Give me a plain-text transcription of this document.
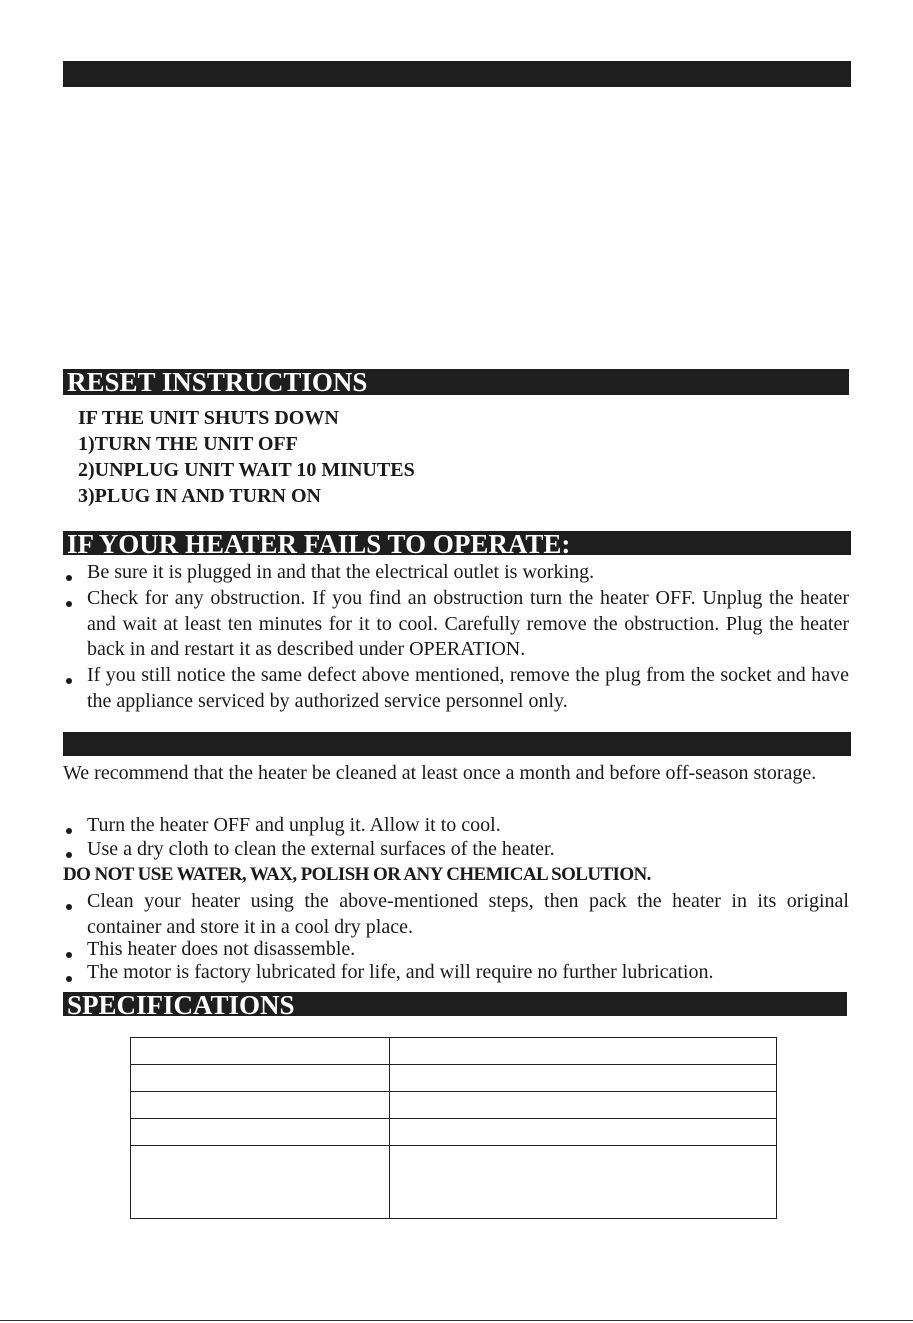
RESET INSTRUCTIONS
IF THE UNIT SHUTS DOWN
1)TURN THE UNIT OFF
2)UNPLUG UNIT WAIT 10 MINUTES
3)PLUG IN AND TURN ON
IF YOUR HEATER FAILS TO OPERATE:
Be sure it is plugged in and that the electrical outlet is working.
Check for any obstruction. If you find an obstruction turn the heater OFF. Unplug the heater and wait at least ten minutes for it to cool. Carefully remove the obstruction. Plug the heater back in and restart it as described under OPERATION.
If you still notice the same defect above mentioned, remove the plug from the socket and have the appliance serviced by authorized service personnel only.
We recommend that the heater be cleaned at least once a month and before off-season storage.
Turn the heater OFF and unplug it. Allow it to cool.
Use a dry cloth to clean the external surfaces of the heater.
DO NOT USE WATER, WAX, POLISH OR ANY CHEMICAL SOLUTION.
Clean your heater using the above-mentioned steps, then pack the heater in its original container and store it in a cool dry place.
This heater does not disassemble.
The motor is factory lubricated for life, and will require no further lubrication.
SPECIFICATIONS
